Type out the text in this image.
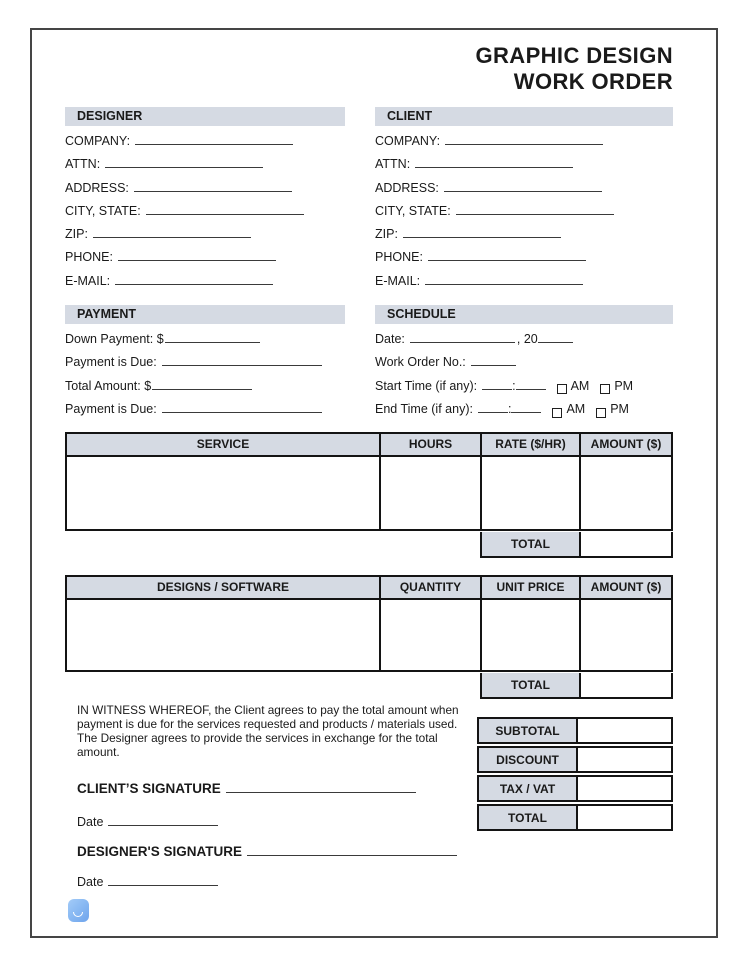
GRAPHIC DESIGN
WORK ORDER
DESIGNER
COMPANY:
ATTN:
ADDRESS:
CITY, STATE:
ZIP:
PHONE:
E-MAIL:
CLIENT
COMPANY:
ATTN:
ADDRESS:
CITY, STATE:
ZIP:
PHONE:
E-MAIL:
PAYMENT
Down Payment: $
Payment is Due:
Total Amount: $
Payment is Due:
SCHEDULE
Date:	, 20
Work Order No.:
Start Time (if any):	:	AM PM
End Time (if any):	:	AM PM
SERVICE	HOURS	RATE ($/HR)	AMOUNT ($)
TOTAL
DESIGNS / SOFTWARE	QUANTITY	UNIT PRICE	AMOUNT ($)
TOTAL

IN WITNESS WHEREOF, the Client agrees to pay the total amount when payment is due for the services requested and products / materials used. The Designer agrees to provide the services in exchange for the total amount.

CLIENT’S SIGNATURE
Date
SUBTOTAL
DISCOUNT
TAX / VAT
TOTAL
DESIGNER'S SIGNATURE
Date
